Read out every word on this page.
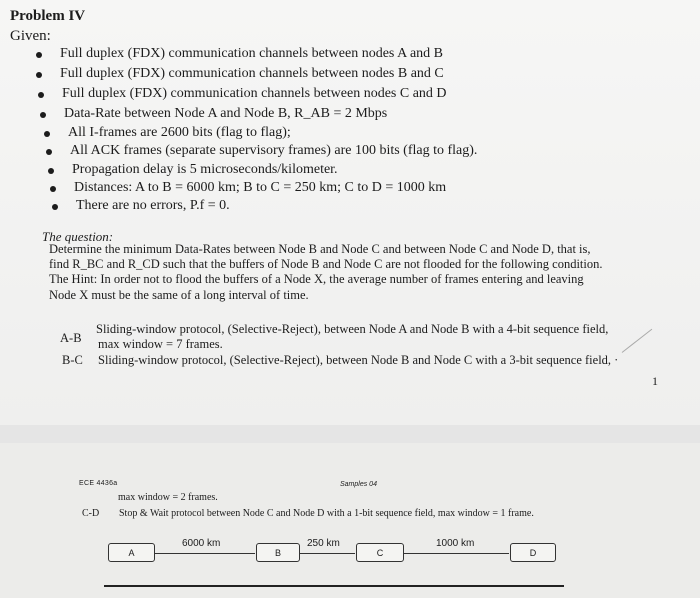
Problem IV
Given:
Full duplex (FDX) communication channels between nodes A and B
Full duplex (FDX) communication channels between nodes B and C
Full duplex (FDX) communication channels between nodes C and D
Data-Rate between Node A and Node B, R_AB = 2 Mbps
All I-frames are 2600 bits (flag to flag);
All ACK frames (separate supervisory frames) are 100 bits (flag to flag).
Propagation delay is 5 microseconds/kilometer.
Distances: A to B = 6000 km; B to C = 250 km; C to D = 1000 km
There are no errors, P.f = 0.
The question:
Determine the minimum Data-Rates between Node B and Node C and between Node C and Node D, that is,
find R_BC and R_CD such that the buffers of Node B and Node C are not flooded for the following condition.
The Hint: In order not to flood the buffers of a Node X, the average number of frames entering and leaving
Node X must be the same of a long interval of time.
A-B
Sliding-window protocol, (Selective-Reject), between Node A and Node B with a 4-bit sequence field,
max window = 7 frames.
B-C Sliding-window protocol, (Selective-Reject), between Node B and Node C with a 3-bit sequence field, ·
1
ECE 4436a	Samples 04
max window = 2 frames.
C-D Stop & Wait protocol between Node C and Node D with a 1-bit sequence field, max window = 1 frame.
6000 km	250 km	1000 km
A	B	C	D
